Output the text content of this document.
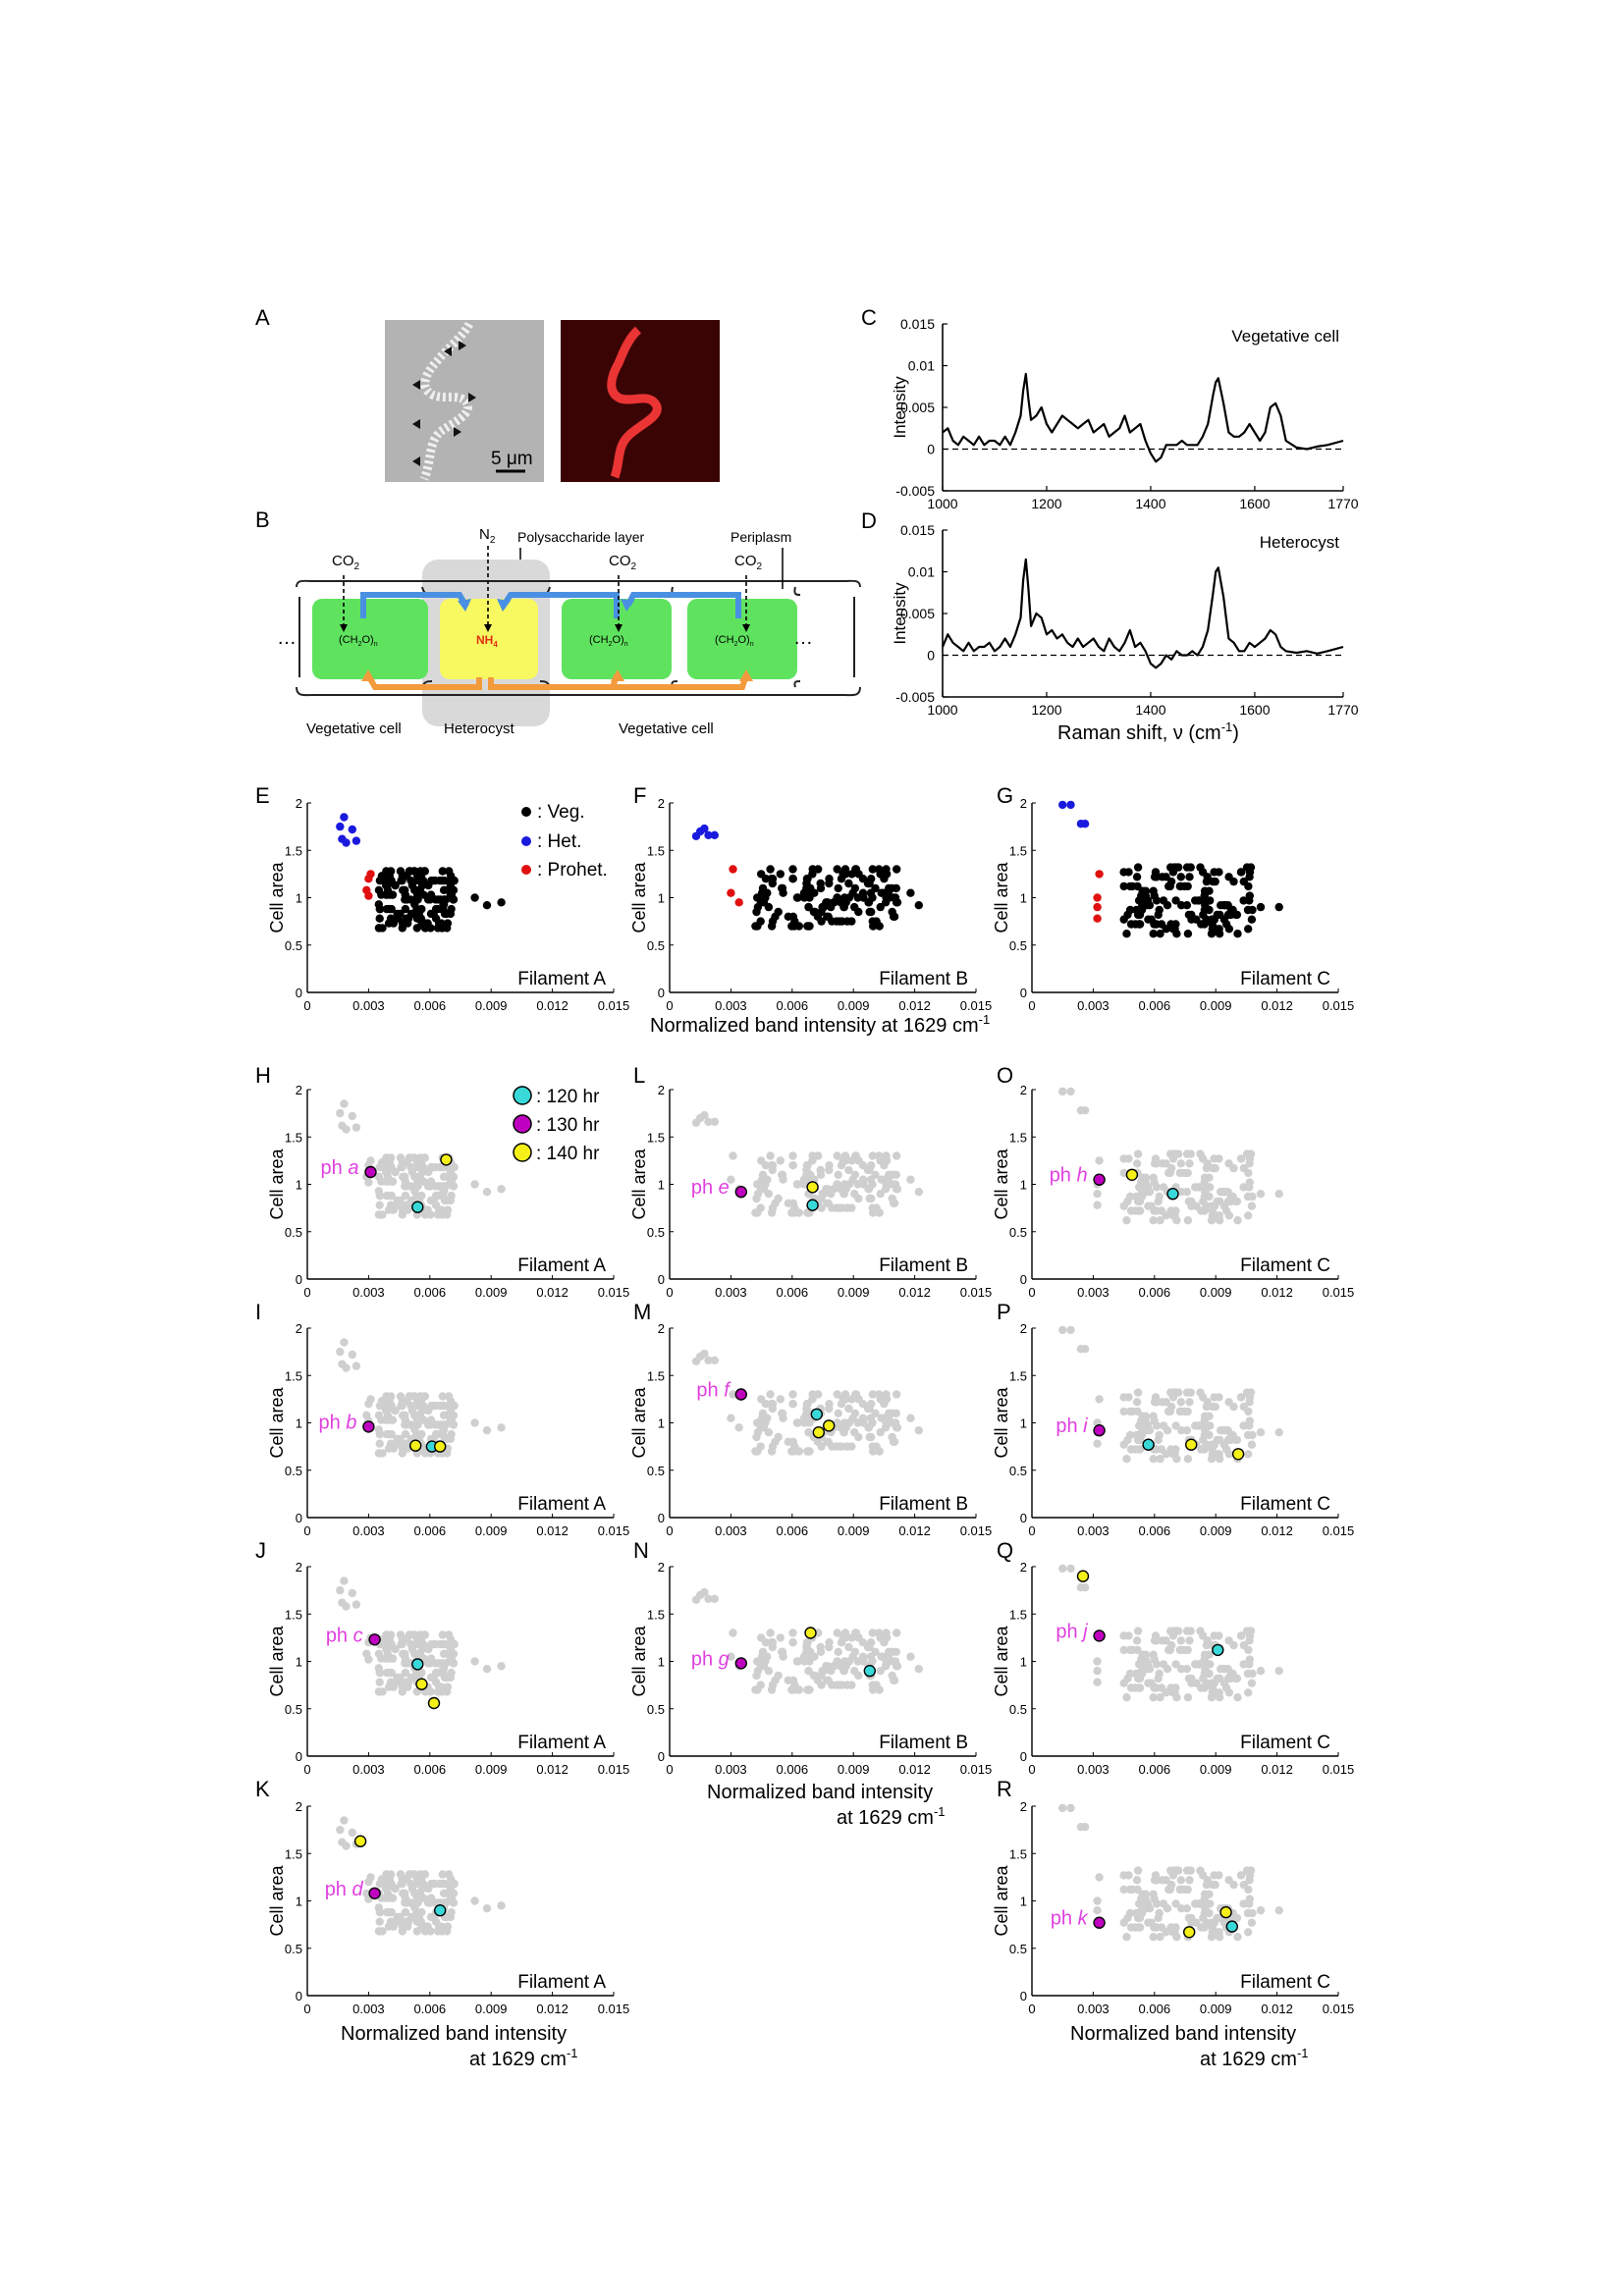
A
5 μm
B
$CO_2$	$CO_2$	$CO_2$
$N_2$ Polysaccharide layer	Periplasm
$(CH_2O)_n$	$(CH_2O)_n$	$(CH_2O)_n$
$NH_4$
…	…
Vegetative cell	Heterocyst	Vegetative cell
C
-0.005
0
0.005
0.01
0.015
1000	1200	1400	1600	1770
Intensity
Vegetative cell
D
-0.005
0
0.005
0.01
0.015
1000	1200	1400	1600	1770
Intensity
Heterocyst
Raman shift, ν $(cm^{-1})$
0
0.5
1
1.5
2
0	0.003 0.006 0.009 0.012 0.015
Cell area
Filament A
0
0.5
1
1.5
2
0	0.003 0.006 0.009 0.012 0.015
Cell area
Filament B
0
0.5
1
1.5
2
0	0.003 0.006 0.009 0.012 0.015
Cell area
Filament C
0
0.5
1
1.5
2
0	0.003 0.006 0.009 0.012 0.015
Cell area
Filament A
ph a
0
0.5
1
1.5
2
0	0.003 0.006 0.009 0.012 0.015
Cell area
Filament B
ph e
0
0.5
1
1.5
2
0	0.003 0.006 0.009 0.012 0.015
Cell area
Filament C
ph h
0
0.5
1
1.5
2
0	0.003 0.006 0.009 0.012 0.015
Cell area
Filament A
ph b
0
0.5
1
1.5
2
0	0.003 0.006 0.009 0.012 0.015
Cell area
Filament B
ph f
0
0.5
1
1.5
2
0	0.003 0.006 0.009 0.012 0.015
Cell area
Filament C
ph i
0
0.5
1
1.5
2
0	0.003 0.006 0.009 0.012 0.015
Cell area
Filament A
ph c
0
0.5
1
1.5
2
0	0.003 0.006 0.009 0.012 0.015
Cell area
Filament B
ph g
0
0.5
1
1.5
2
0	0.003 0.006 0.009 0.012 0.015
Cell area
Filament C
ph j
0
0.5
1
1.5
2
0	0.003 0.006 0.009 0.012 0.015
Cell area
Filament A
ph d
0
0.5
1
1.5
2
0	0.003 0.006 0.009 0.012 0.015
Cell area
Filament C
ph k
E	F	G
H	L	O
I	M	P
J	N	Q
K	R
: Veg.
: Het.
: Prohet.
: 120 hr
: 130 hr
: 140 hr
Normalized band intensity at 1629 $cm^{-1}$
Normalized band intensity
at 1629 $cm^{-1}$
Normalized band intensity
at 1629 $cm^{-1}$
Normalized band intensity
at 1629 $cm^{-1}$
